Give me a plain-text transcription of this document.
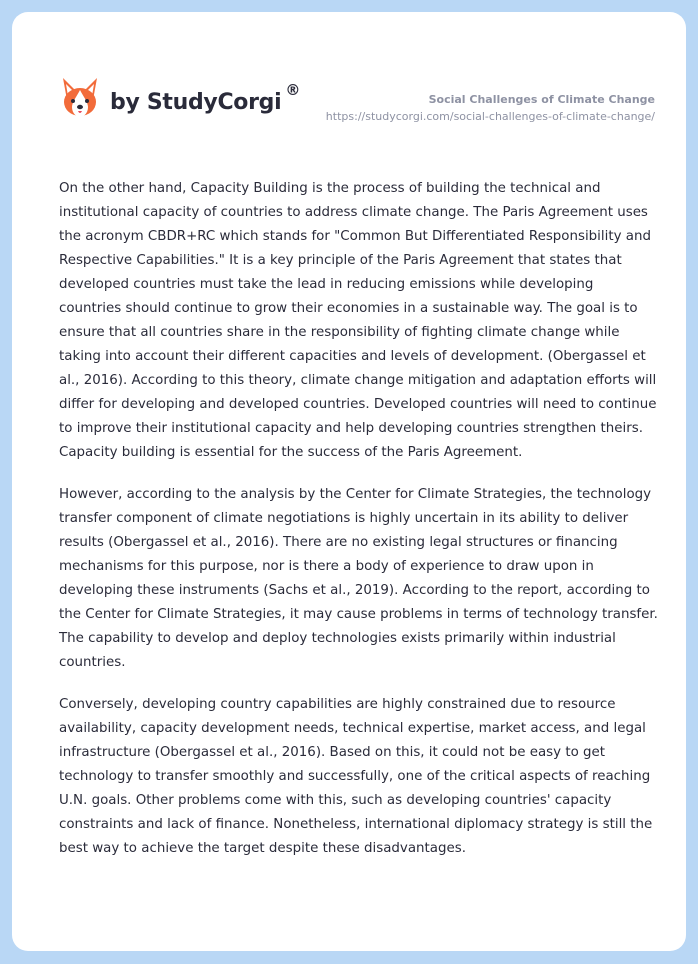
by StudyCorgi ®
Social Challenges of Climate Change
https://studycorgi.com/social-challenges-of-climate-change/

On the other hand, Capacity Building is the process of building the technical and institutional capacity of countries to address climate change. The Paris Agreement uses the acronym CBDR+RC which stands for "Common But Differentiated Responsibility and Respective Capabilities." It is a key principle of the Paris Agreement that states that developed countries must take the lead in reducing emissions while developing countries should continue to grow their economies in a sustainable way. The goal is to ensure that all countries share in the responsibility of fighting climate change while taking into account their different capacities and levels of development. (Obergassel et al., 2016). According to this theory, climate change mitigation and adaptation efforts will differ for developing and developed countries. Developed countries will need to continue to improve their institutional capacity and help developing countries strengthen theirs. Capacity building is essential for the success of the Paris Agreement.

However, according to the analysis by the Center for Climate Strategies, the technology transfer component of climate negotiations is highly uncertain in its ability to deliver results (Obergassel et al., 2016). There are no existing legal structures or financing mechanisms for this purpose, nor is there a body of experience to draw upon in developing these instruments (Sachs et al., 2019). According to the report, according to the Center for Climate Strategies, it may cause problems in terms of technology transfer. The capability to develop and deploy technologies exists primarily within industrial countries.

Conversely, developing country capabilities are highly constrained due to resource availability, capacity development needs, technical expertise, market access, and legal infrastructure (Obergassel et al., 2016). Based on this, it could not be easy to get technology to transfer smoothly and successfully, one of the critical aspects of reaching U.N. goals. Other problems come with this, such as developing countries' capacity constraints and lack of finance. Nonetheless, international diplomacy strategy is still the best way to achieve the target despite these disadvantages.
